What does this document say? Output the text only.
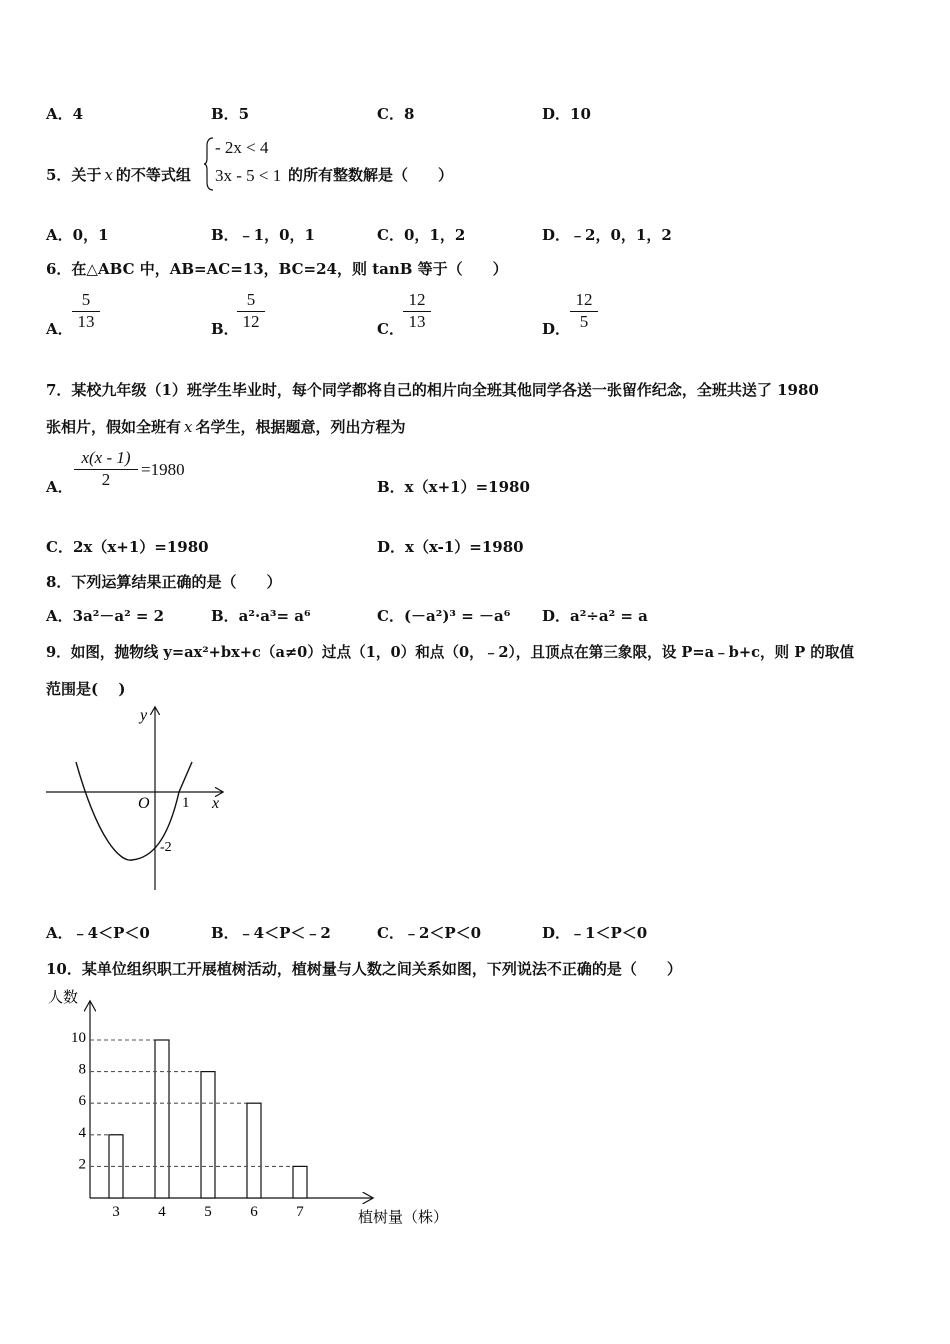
A．4	B．5	C．8	D．10
5．关于 x 的不等式组
- 2x < 4
3x - 5 < 1 的所有整数解是（　　）
A．0，1	B．﹣1，0，1	C．0，1，2	D．﹣2，0，1，2
6．在△ABC 中，AB=AC=13，BC=24，则 tanB 等于（　　）
A．
5
13	B．
5
12	C．
12
13	D．
12
5
7．某校九年级（1）班学生毕业时，每个同学都将自己的相片向全班其他同学各送一张留作纪念，全班共送了 1980
张相片，假如全班有 x 名学生，根据题意，列出方程为
A．
x(x - 1)
2
=1980
B．x（x+1）=1980
C．2x（x+1）=1980	D．x（x-1）=1980
8．下列运算结果正确的是（　　）
A．3a²－a² = 2	B．a²·a³= a⁶	C．(－a²)³ = －a⁶ D．a²÷a² = a
9．如图，抛物线 y=ax²+bx+c（a≠0）过点（1，0）和点（0，﹣2），且顶点在第三象限，设 P=a﹣b+c，则 P 的取值
范围是(　 )
y
x
O 1
-2
A．﹣4＜P＜0	B．﹣4＜P＜﹣2	C．﹣2＜P＜0	D．﹣1＜P＜0
10．某单位组织职工开展植树活动，植树量与人数之间关系如图，下列说法不正确的是（　　）
人数
植树量（株）
3	4	5	6	7
2
4
6
8
10
